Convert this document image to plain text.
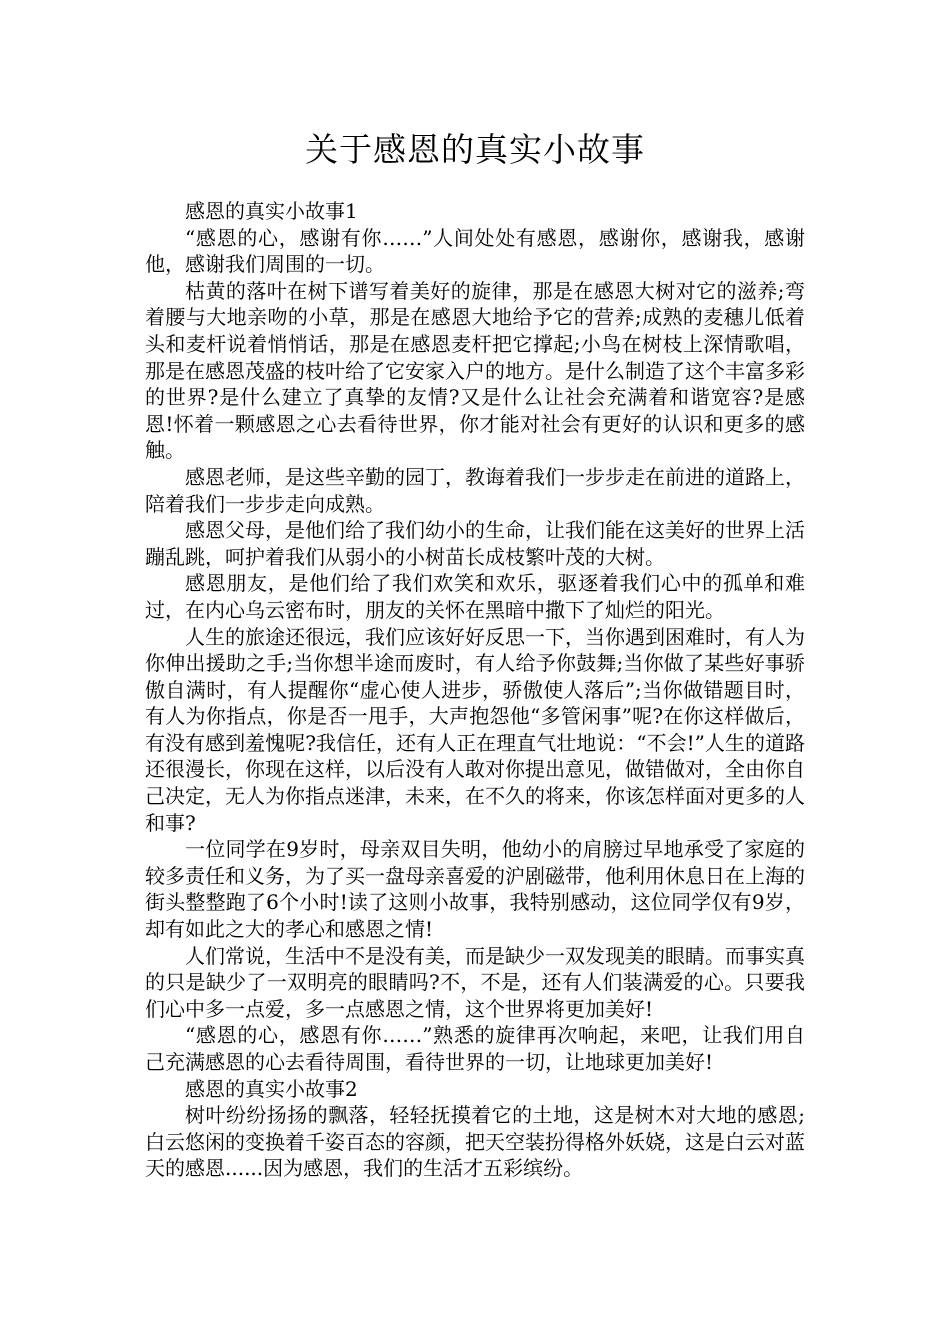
关于感恩的真实小故事

感恩的真实小故事1

“感恩的心，感谢有你……”人间处处有感恩，感谢你，感谢我，感谢他，感谢我们周围的一切。

枯黄的落叶在树下谱写着美好的旋律，那是在感恩大树对它的滋养;弯着腰与大地亲吻的小草，那是在感恩大地给予它的营养;成熟的麦穗儿低着头和麦杆说着悄悄话，那是在感恩麦杆把它撑起;小鸟在树枝上深情歌唱，那是在感恩茂盛的枝叶给了它安家入户的地方。是什么制造了这个丰富多彩的世界?是什么建立了真挚的友情?又是什么让社会充满着和谐宽容?是感恩!怀着一颗感恩之心去看待世界，你才能对社会有更好的认识和更多的感触。

感恩老师，是这些辛勤的园丁，教诲着我们一步步走在前进的道路上，陪着我们一步步走向成熟。

感恩父母，是他们给了我们幼小的生命，让我们能在这美好的世界上活蹦乱跳，呵护着我们从弱小的小树苗长成枝繁叶茂的大树。

感恩朋友，是他们给了我们欢笑和欢乐，驱逐着我们心中的孤单和难过，在内心乌云密布时，朋友的关怀在黑暗中撒下了灿烂的阳光。

人生的旅途还很远，我们应该好好反思一下，当你遇到困难时，有人为你伸出援助之手;当你想半途而废时，有人给予你鼓舞;当你做了某些好事骄傲自满时，有人提醒你“虚心使人进步，骄傲使人落后”;当你做错题目时，有人为你指点，你是否一甩手，大声抱怨他“多管闲事”呢?在你这样做后，有没有感到羞愧呢?我信任，还有人正在理直气壮地说：“不会!”人生的道路还很漫长，你现在这样，以后没有人敢对你提出意见，做错做对，全由你自己决定，无人为你指点迷津，未来，在不久的将来，你该怎样面对更多的人和事?

一位同学在9岁时，母亲双目失明，他幼小的肩膀过早地承受了家庭的较多责任和义务，为了买一盘母亲喜爱的沪剧磁带，他利用休息日在上海的街头整整跑了6个小时!读了这则小故事，我特别感动，这位同学仅有9岁，却有如此之大的孝心和感恩之情!

人们常说，生活中不是没有美，而是缺少一双发现美的眼睛。而事实真的只是缺少了一双明亮的眼睛吗?不，不是，还有人们装满爱的心。只要我们心中多一点爱，多一点感恩之情，这个世界将更加美好!

“感恩的心，感恩有你……”熟悉的旋律再次响起，来吧，让我们用自己充满感恩的心去看待周围，看待世界的一切，让地球更加美好!

感恩的真实小故事2

树叶纷纷扬扬的飘落，轻轻抚摸着它的土地，这是树木对大地的感恩;白云悠闲的变换着千姿百态的容颜，把天空装扮得格外妖娆，这是白云对蓝天的感恩......因为感恩，我们的生活才五彩缤纷。
